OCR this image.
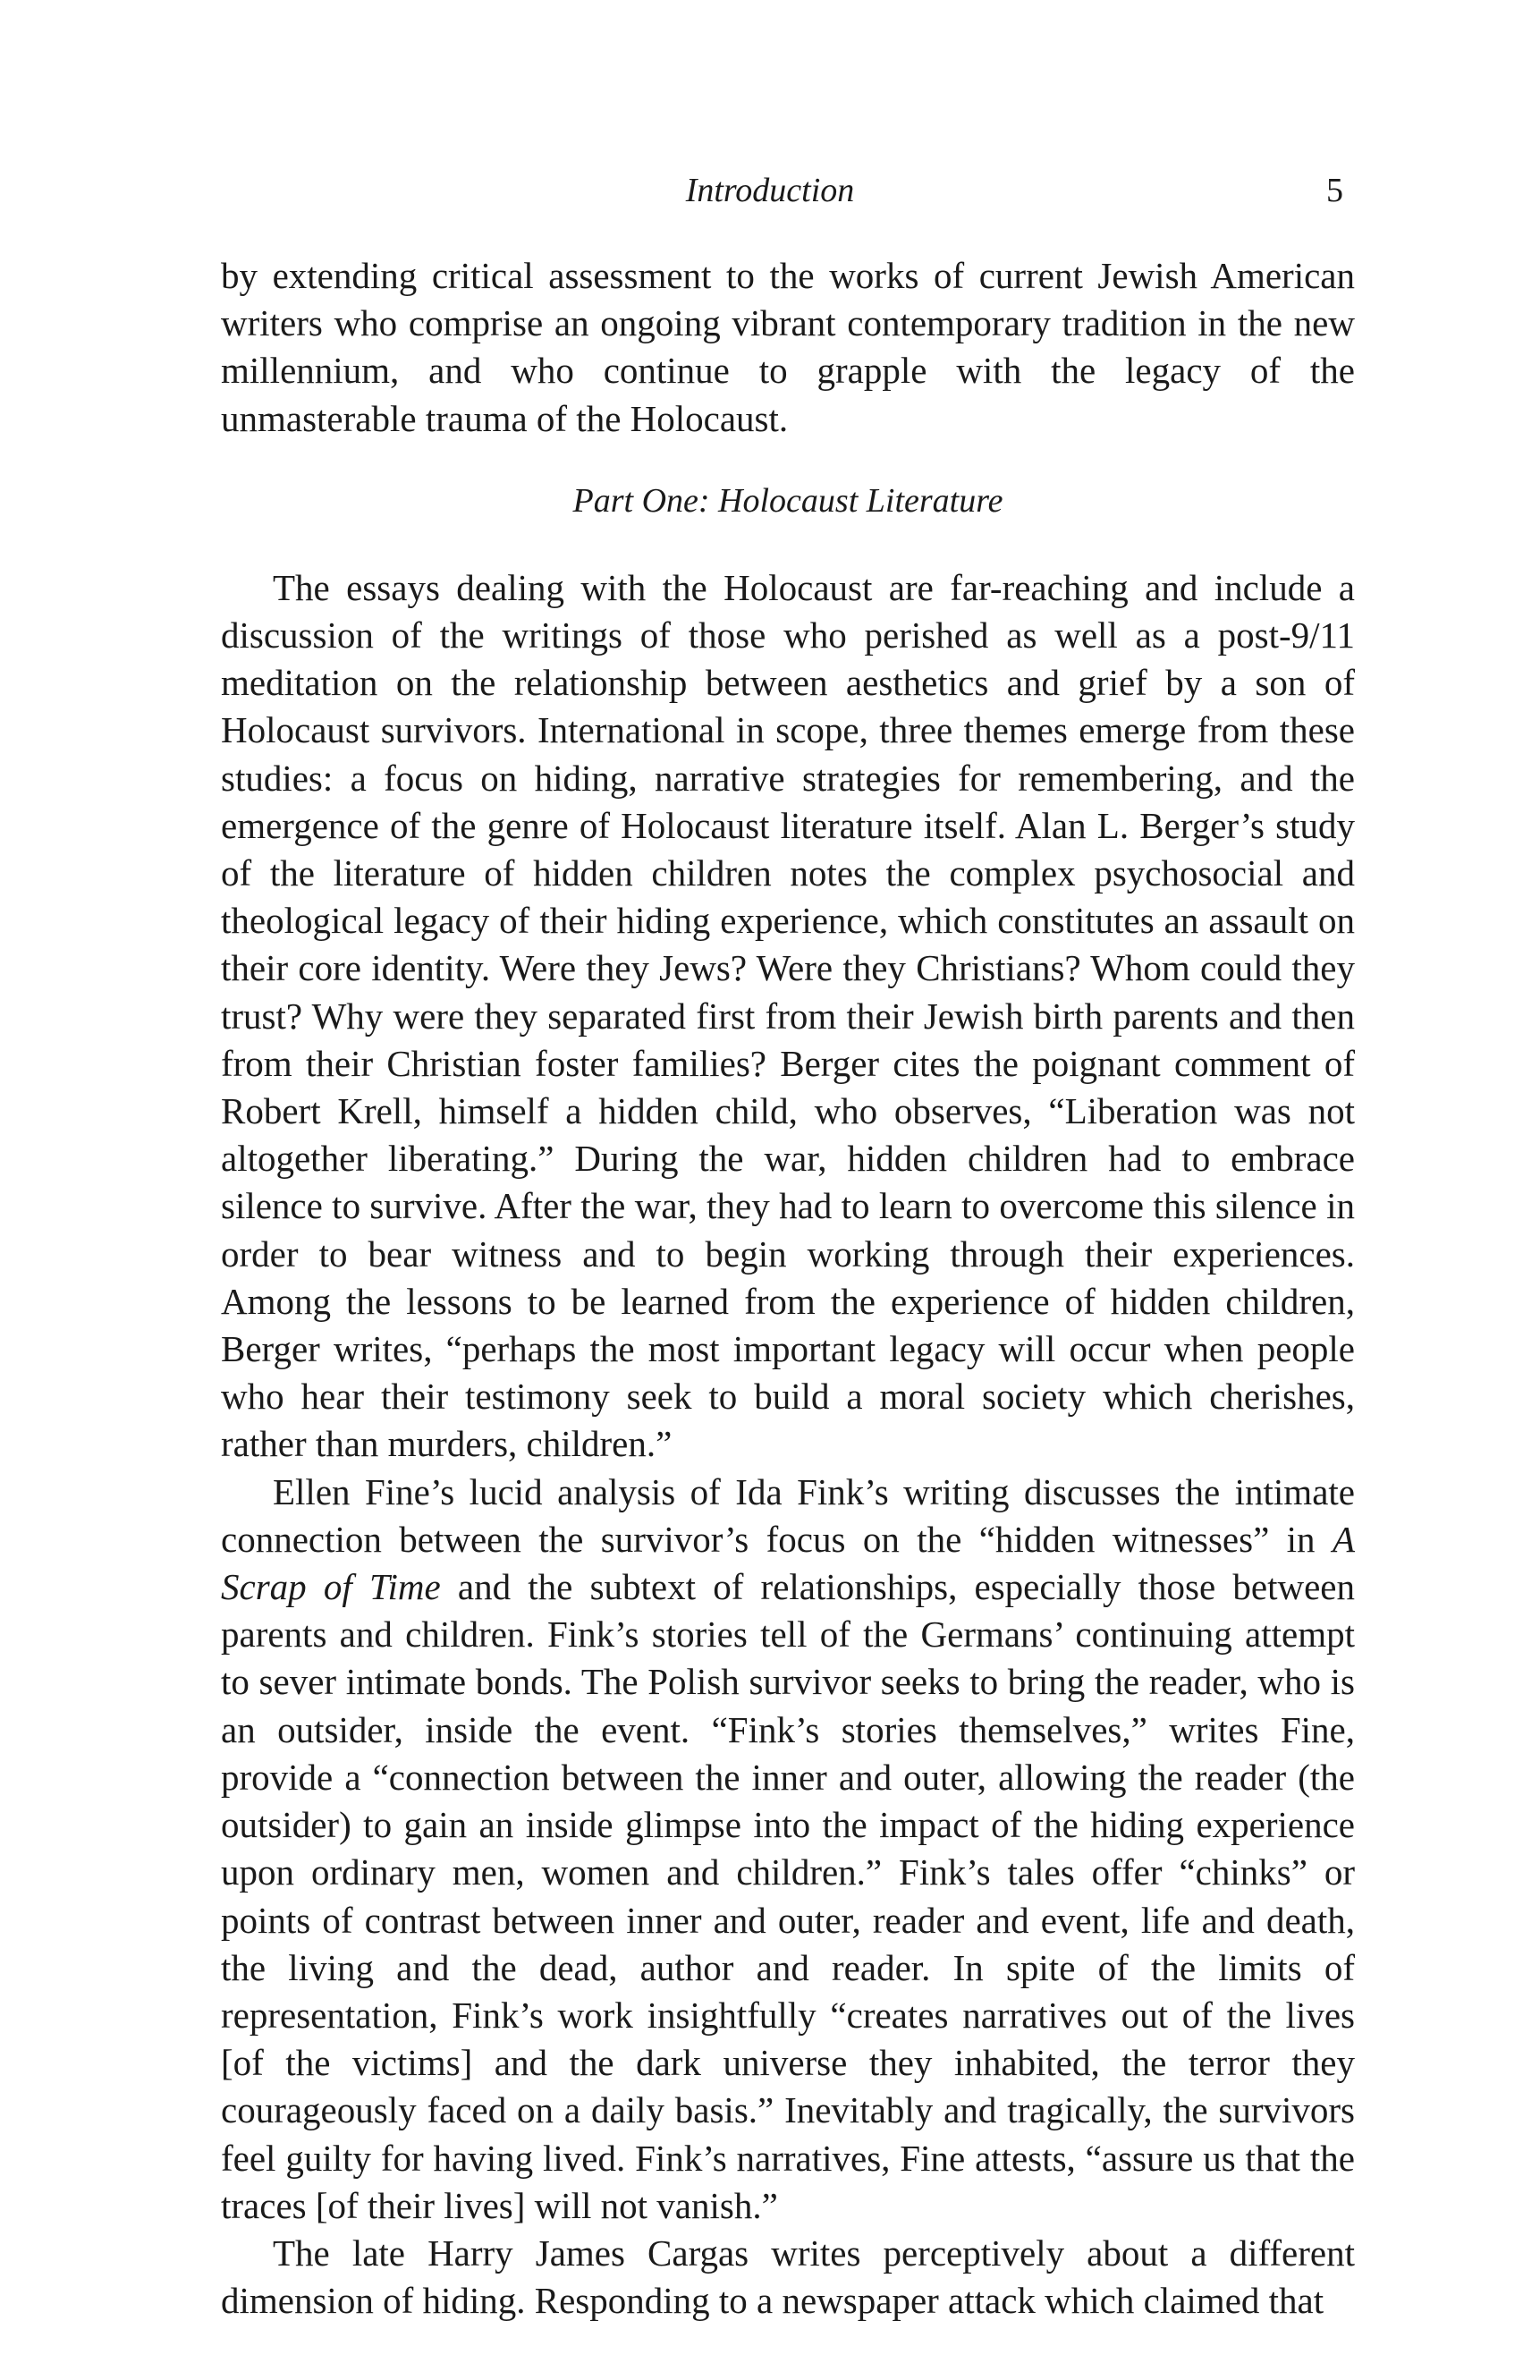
Introduction	5

by extending critical assessment to the works of current Jewish American writers who comprise an ongoing vibrant contemporary tradition in the new millennium, and who continue to grapple with the legacy of the unmasterable trauma of the Holocaust.

Part One: Holocaust Literature

The essays dealing with the Holocaust are far-reaching and include a discussion of the writings of those who perished as well as a post-9/11 meditation on the relationship between aesthetics and grief by a son of Holocaust survivors. International in scope, three themes emerge from these studies: a focus on hiding, narrative strategies for remembering, and the emergence of the genre of Holocaust literature itself. Alan L. Berger’s study of the literature of hidden children notes the complex psychosocial and theological legacy of their hiding experience, which constitutes an assault on their core identity. Were they Jews? Were they Christians? Whom could they trust? Why were they separated first from their Jewish birth parents and then from their Christian foster families? Berger cites the poignant comment of Robert Krell, himself a hidden child, who observes, “Liberation was not altogether liberating.” During the war, hidden children had to embrace silence to survive. After the war, they had to learn to overcome this silence in order to bear witness and to begin working through their experiences. Among the lessons to be learned from the experience of hidden children, Berger writes, “perhaps the most important legacy will occur when people who hear their testimony seek to build a moral society which cherishes, rather than murders, children.”

Ellen Fine’s lucid analysis of Ida Fink’s writing discusses the intimate connection between the survivor’s focus on the “hidden witnesses” in A Scrap of Time and the subtext of relationships, especially those between parents and children. Fink’s stories tell of the Germans’ continuing attempt to sever intimate bonds. The Polish survivor seeks to bring the reader, who is an outsider, inside the event. “Fink’s stories themselves,” writes Fine, provide a “connection between the inner and outer, allowing the reader (the outsider) to gain an inside glimpse into the impact of the hiding experience upon ordinary men, women and children.” Fink’s tales offer “chinks” or points of contrast between inner and outer, reader and event, life and death, the living and the dead, author and reader. In spite of the limits of representation, Fink’s work insightfully “creates narratives out of the lives [of the victims] and the dark universe they inhabited, the terror they courageously faced on a daily basis.” Inevitably and tragically, the survivors feel guilty for having lived. Fink’s narratives, Fine attests, “assure us that the traces [of their lives] will not vanish.”

The late Harry James Cargas writes perceptively about a different dimension of hiding. Responding to a newspaper attack which claimed that
